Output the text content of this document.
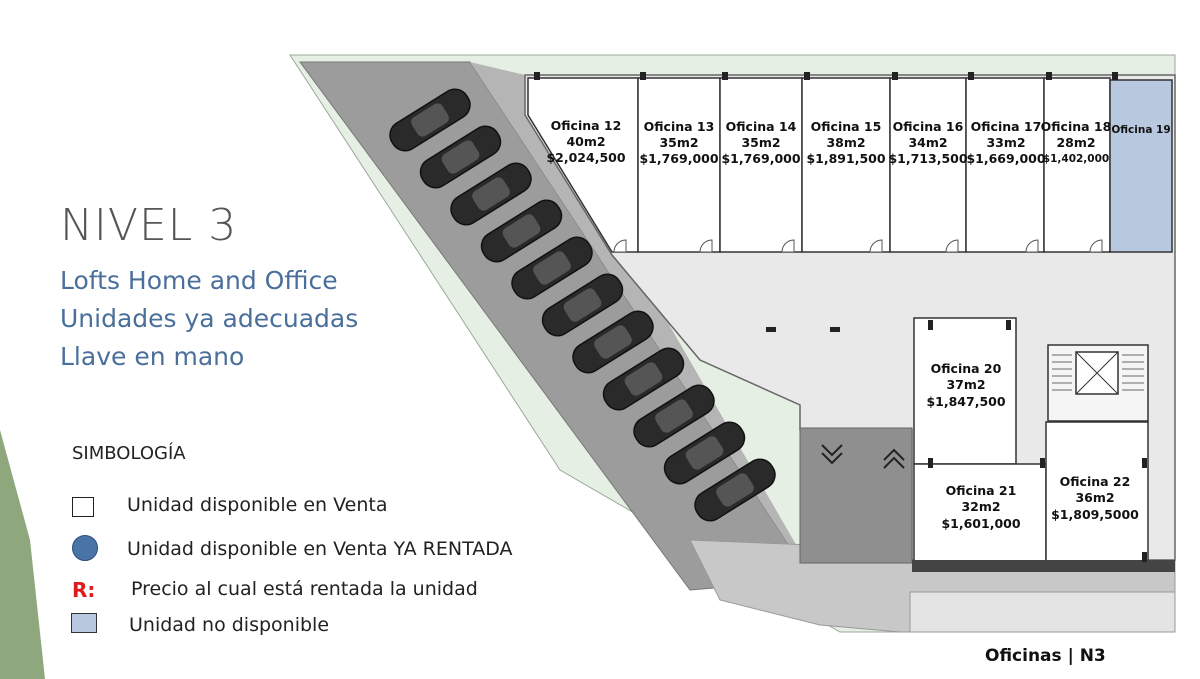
NIVEL 3
Lofts Home and Office
Unidades ya adecuadas
Llave en mano
SIMBOLOGÍA
Unidad disponible en Venta
Unidad disponible en Venta YA RENTADA
R: Precio al cual está rentada la unidad
Unidad no disponible
Oficina 12
40m2
$2,024,500
Oficina 13
35m2
$1,769,000
Oficina 14
35m2
$1,769,000
Oficina 15
38m2
$1,891,500
Oficina 16
34m2
$1,713,500
Oficina 17
33m2
$1,669,000
Oficina 18
28m2
$1,402,000
Oficina 19
Oficina 20
37m2
$1,847,500
Oficina 21
32m2
$1,601,000
Oficina 22
36m2
$1,809,5000
Oficinas | N3
